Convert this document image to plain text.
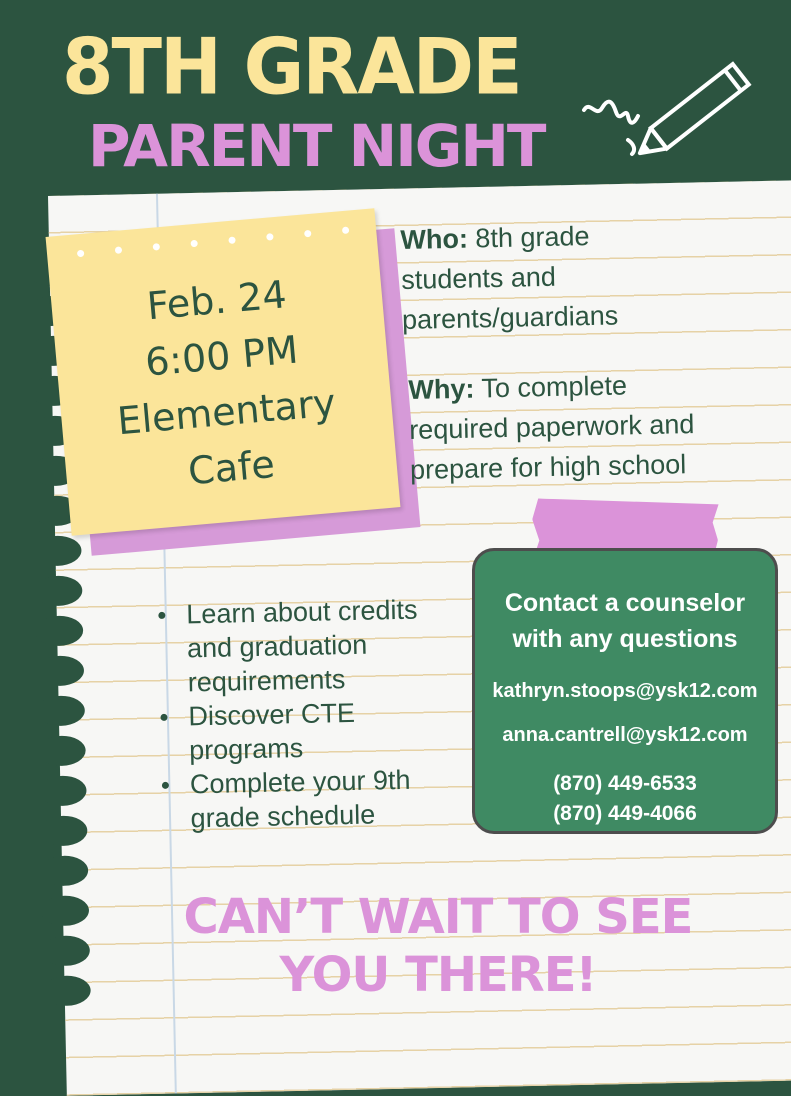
8TH GRADE
PARENT NIGHT
Feb. 24
6:00 PM
Elementary
Cafe
Who: 8th grade
students and
parents/guardians
Why: To complete
required paperwork and
prepare for high school
Contact a counselor
with any questions
kathryn.stoops@ysk12.com
anna.cantrell@ysk12.com
(870) 449-6533
(870) 449-4066
Learn about credits
and graduation
requirements
Discover CTE
programs
Complete your 9th
grade schedule
CAN’T WAIT TO SEE
YOU THERE!
